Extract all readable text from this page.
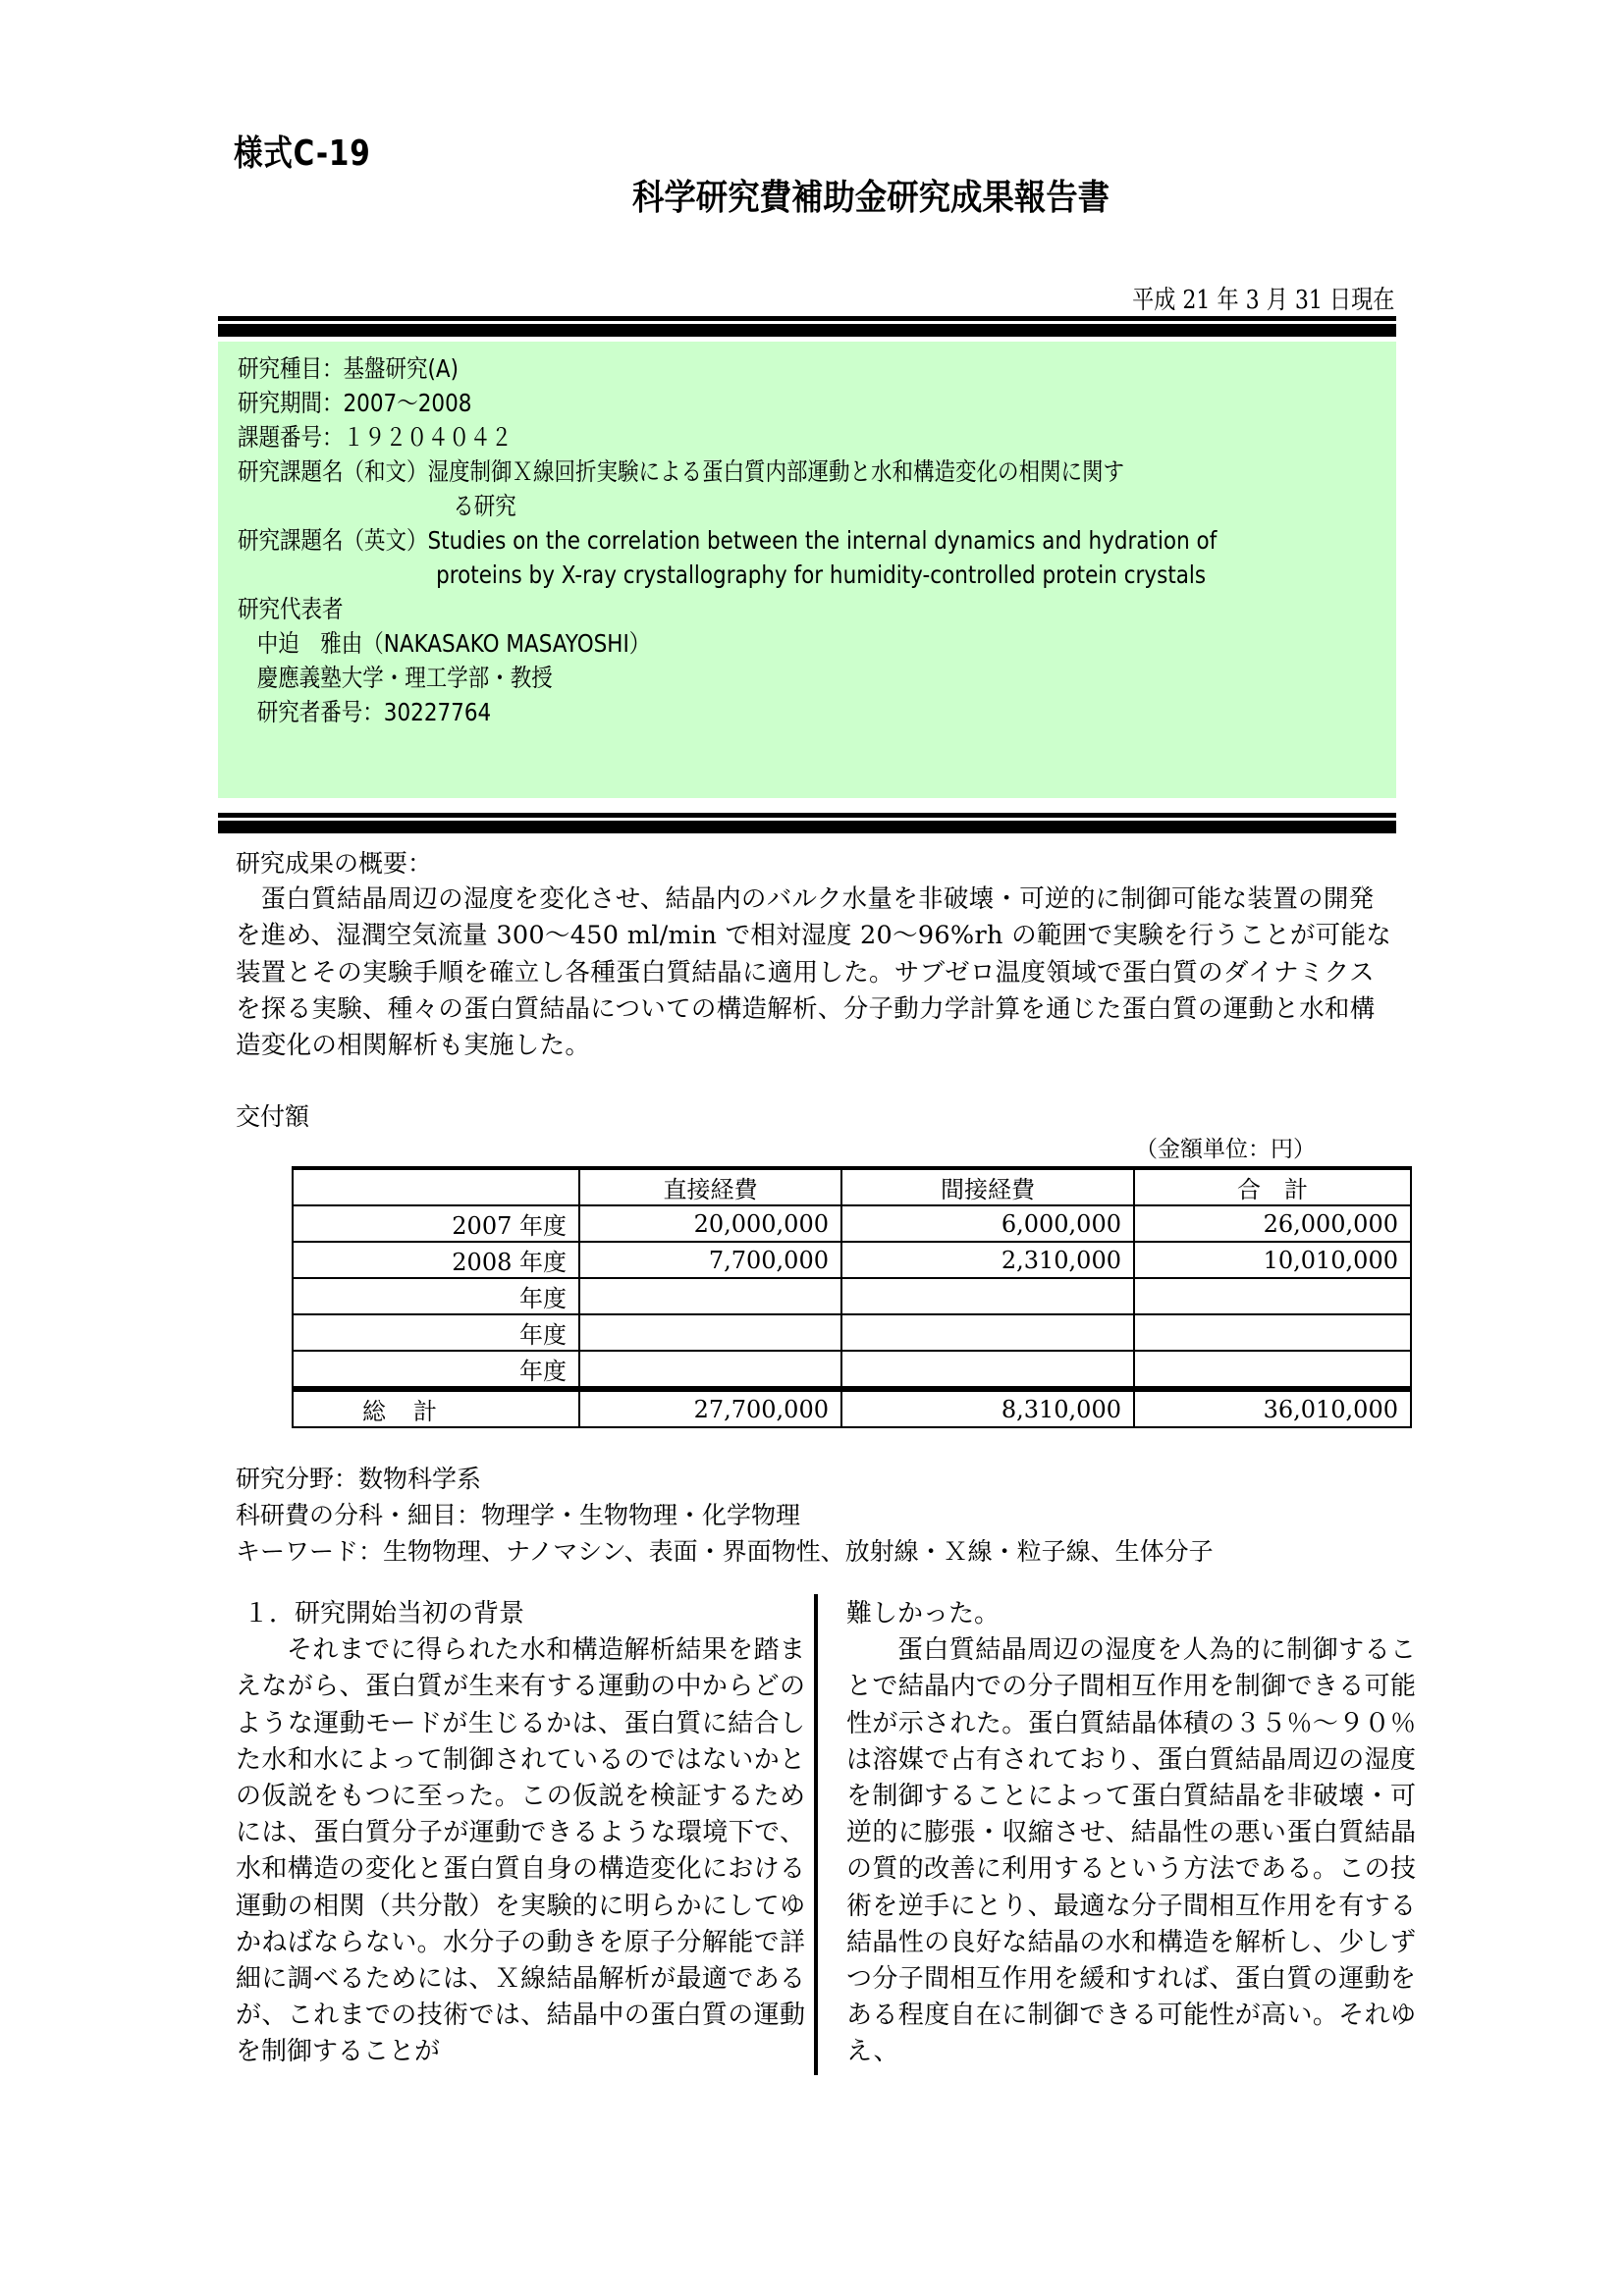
様式C-19
科学研究費補助金研究成果報告書
平成 21 年 3 月 31 日現在
研究種目：基盤研究(A)
研究期間：2007～2008
課題番号：１９２０４０４２
研究課題名（和文）湿度制御Ｘ線回折実験による蛋白質内部運動と水和構造変化の相関に関す
る研究
研究課題名（英文）Studies on the correlation between the internal dynamics and hydration of
proteins by X-ray crystallography for humidity-controlled protein crystals
研究代表者
中迫　雅由（NAKASAKO MASAYOSHI）
慶應義塾大学・理工学部・教授
研究者番号：30227764
研究成果の概要：
蛋白質結晶周辺の湿度を変化させ、結晶内のバルク水量を非破壊・可逆的に制御可能な装置の開発を進め、湿潤空気流量 300～450 ml/min で相対湿度 20～96%rh の範囲で実験を行うことが可能な装置とその実験手順を確立し各種蛋白質結晶に適用した。サブゼロ温度領域で蛋白質のダイナミクスを探る実験、種々の蛋白質結晶についての構造解析、分子動力学計算を通じた蛋白質の運動と水和構造変化の相関解析も実施した。
交付額
（金額単位：円）
	直接経費	間接経費	合　計
2007 年度	20,000,000	6,000,000	26,000,000
2008 年度	7,700,000	2,310,000	10,010,000
年度			
年度			
年度			
総計	27,700,000	8,310,000	36,010,000
研究分野：数物科学系
科研費の分科・細目：物理学・生物物理・化学物理
キーワード：生物物理、ナノマシン、表面・界面物性、放射線・Ｘ線・粒子線、生体分子
１．研究開始当初の背景

それまでに得られた水和構造解析結果を踏まえながら、蛋白質が生来有する運動の中からどのような運動モードが生じるかは、蛋白質に結合した水和水によって制御されているのではないかとの仮説をもつに至った。この仮説を検証するためには、蛋白質分子が運動できるような環境下で、水和構造の変化と蛋白質自身の構造変化における運動の相関（共分散）を実験的に明らかにしてゆかねばならない。水分子の動きを原子分解能で詳細に調べるためには、Ｘ線結晶解析が最適であるが、これまでの技術では、結晶中の蛋白質の運動を制御することが

難しかった。

蛋白質結晶周辺の湿度を人為的に制御することで結晶内での分子間相互作用を制御できる可能性が示された。蛋白質結晶体積の３５％～９０％は溶媒で占有されており、蛋白質結晶周辺の湿度を制御することによって蛋白質結晶を非破壊・可逆的に膨張・収縮させ、結晶性の悪い蛋白質結晶の質的改善に利用するという方法である。この技術を逆手にとり、最適な分子間相互作用を有する結晶性の良好な結晶の水和構造を解析し、少しずつ分子間相互作用を緩和すれば、蛋白質の運動をある程度自在に制御できる可能性が高い。それゆえ、
